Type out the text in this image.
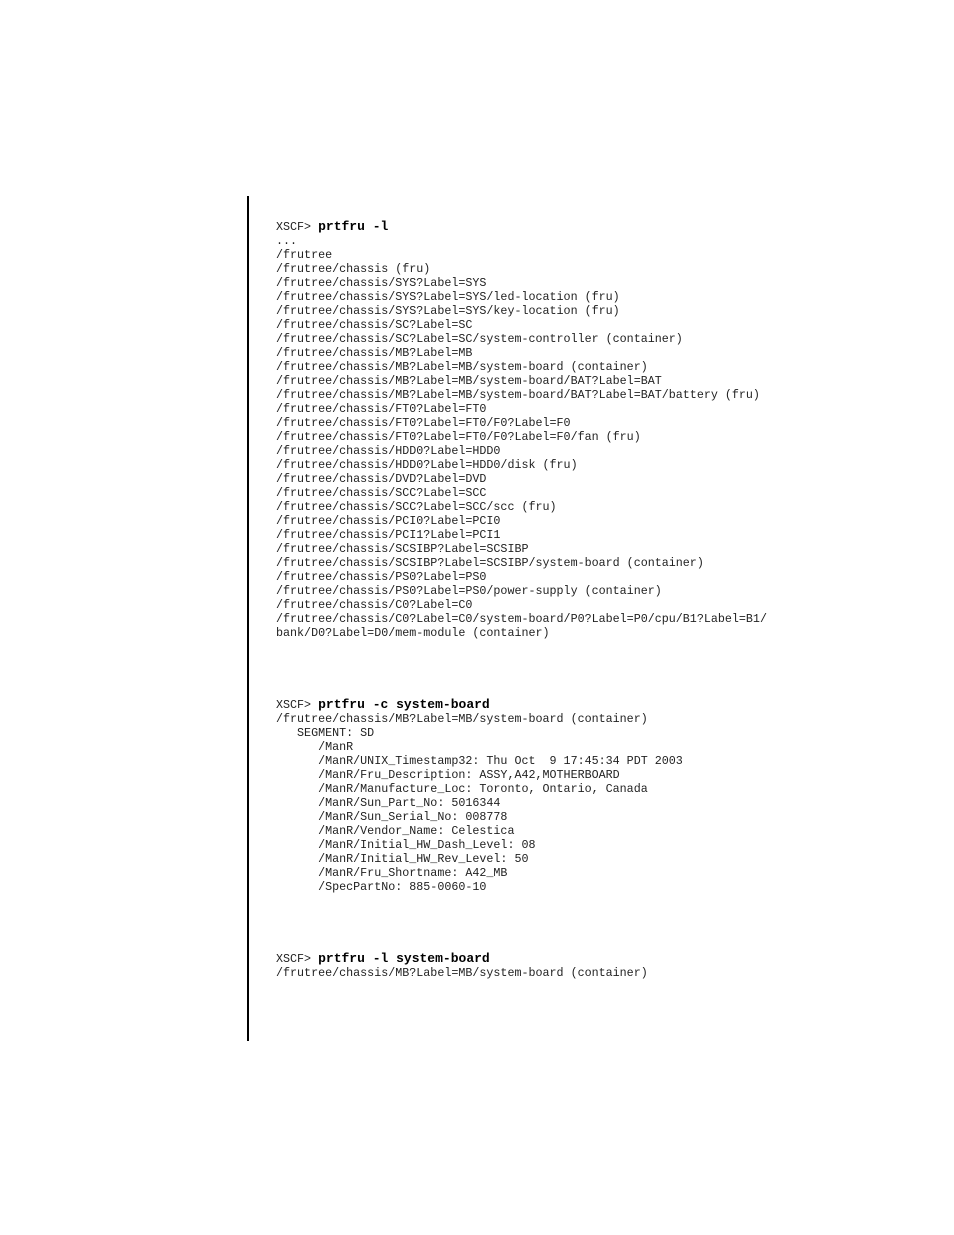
XSCF> prtfru -l
...
/frutree
/frutree/chassis (fru)
/frutree/chassis/SYS?Label=SYS
/frutree/chassis/SYS?Label=SYS/led-location (fru)
/frutree/chassis/SYS?Label=SYS/key-location (fru)
/frutree/chassis/SC?Label=SC
/frutree/chassis/SC?Label=SC/system-controller (container)
/frutree/chassis/MB?Label=MB
/frutree/chassis/MB?Label=MB/system-board (container)
/frutree/chassis/MB?Label=MB/system-board/BAT?Label=BAT
/frutree/chassis/MB?Label=MB/system-board/BAT?Label=BAT/battery (fru)
/frutree/chassis/FT0?Label=FT0
/frutree/chassis/FT0?Label=FT0/F0?Label=F0
/frutree/chassis/FT0?Label=FT0/F0?Label=F0/fan (fru)
/frutree/chassis/HDD0?Label=HDD0
/frutree/chassis/HDD0?Label=HDD0/disk (fru)
/frutree/chassis/DVD?Label=DVD
/frutree/chassis/SCC?Label=SCC
/frutree/chassis/SCC?Label=SCC/scc (fru)
/frutree/chassis/PCI0?Label=PCI0
/frutree/chassis/PCI1?Label=PCI1
/frutree/chassis/SCSIBP?Label=SCSIBP
/frutree/chassis/SCSIBP?Label=SCSIBP/system-board (container)
/frutree/chassis/PS0?Label=PS0
/frutree/chassis/PS0?Label=PS0/power-supply (container)
/frutree/chassis/C0?Label=C0
/frutree/chassis/C0?Label=C0/system-board/P0?Label=P0/cpu/B1?Label=B1/
bank/D0?Label=D0/mem-module (container)
XSCF> prtfru -c system-board
/frutree/chassis/MB?Label=MB/system-board (container)
SEGMENT: SD
/ManR
/ManR/UNIX_Timestamp32: Thu Oct  9 17:45:34 PDT 2003
/ManR/Fru_Description: ASSY,A42,MOTHERBOARD
/ManR/Manufacture_Loc: Toronto, Ontario, Canada
/ManR/Sun_Part_No: 5016344
/ManR/Sun_Serial_No: 008778
/ManR/Vendor_Name: Celestica
/ManR/Initial_HW_Dash_Level: 08
/ManR/Initial_HW_Rev_Level: 50
/ManR/Fru_Shortname: A42_MB
/SpecPartNo: 885-0060-10
XSCF> prtfru -l system-board
/frutree/chassis/MB?Label=MB/system-board (container)
